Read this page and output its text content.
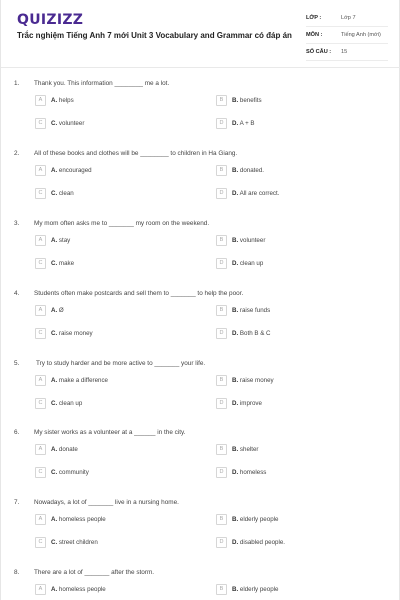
QUIZIZZ
Trắc nghiệm Tiếng Anh 7 mới Unit 3 Vocabulary and Grammar có đáp án
LỚP :	Lớp 7
MÔN :	Tiếng Anh (mới)
SỐ CÂU : 15
1.	Thank you. This information ________ me a lot.
A	A. helps	B	B. benefits
C	C. volunteer	D	D. A + B
2.	All of these books and clothes will be ________ to children in Ha Giang.
A	A. encouraged	B	B. donated.
C	C. clean	D	D. All are correct.
3.	My mom often asks me to _______ my room on the weekend.
A	A. stay	B	B. volunteer
C	C. make	D	D. clean up
4.	Students often make postcards and sell them to _______ to help the poor.
A	A. Ø	B	B. raise funds
C	C. raise money	D	D. Both B & C
5.	Try to study harder and be more active to _______ your life.
A	A. make a difference	B	B. raise money
C	C. clean up	D	D. improve
6.	My sister works as a volunteer at a ______ in the city.
A	A. donate	B	B. shelter
C	C. community	D	D. homeless
7.	Nowadays, a lot of _______ live in a nursing home.
A	A. homeless people	B	B. elderly people
C	C. street children	D	D. disabled people.
8.	There are a lot of _______ after the storm.
A	A. homeless people	B	B. elderly people
